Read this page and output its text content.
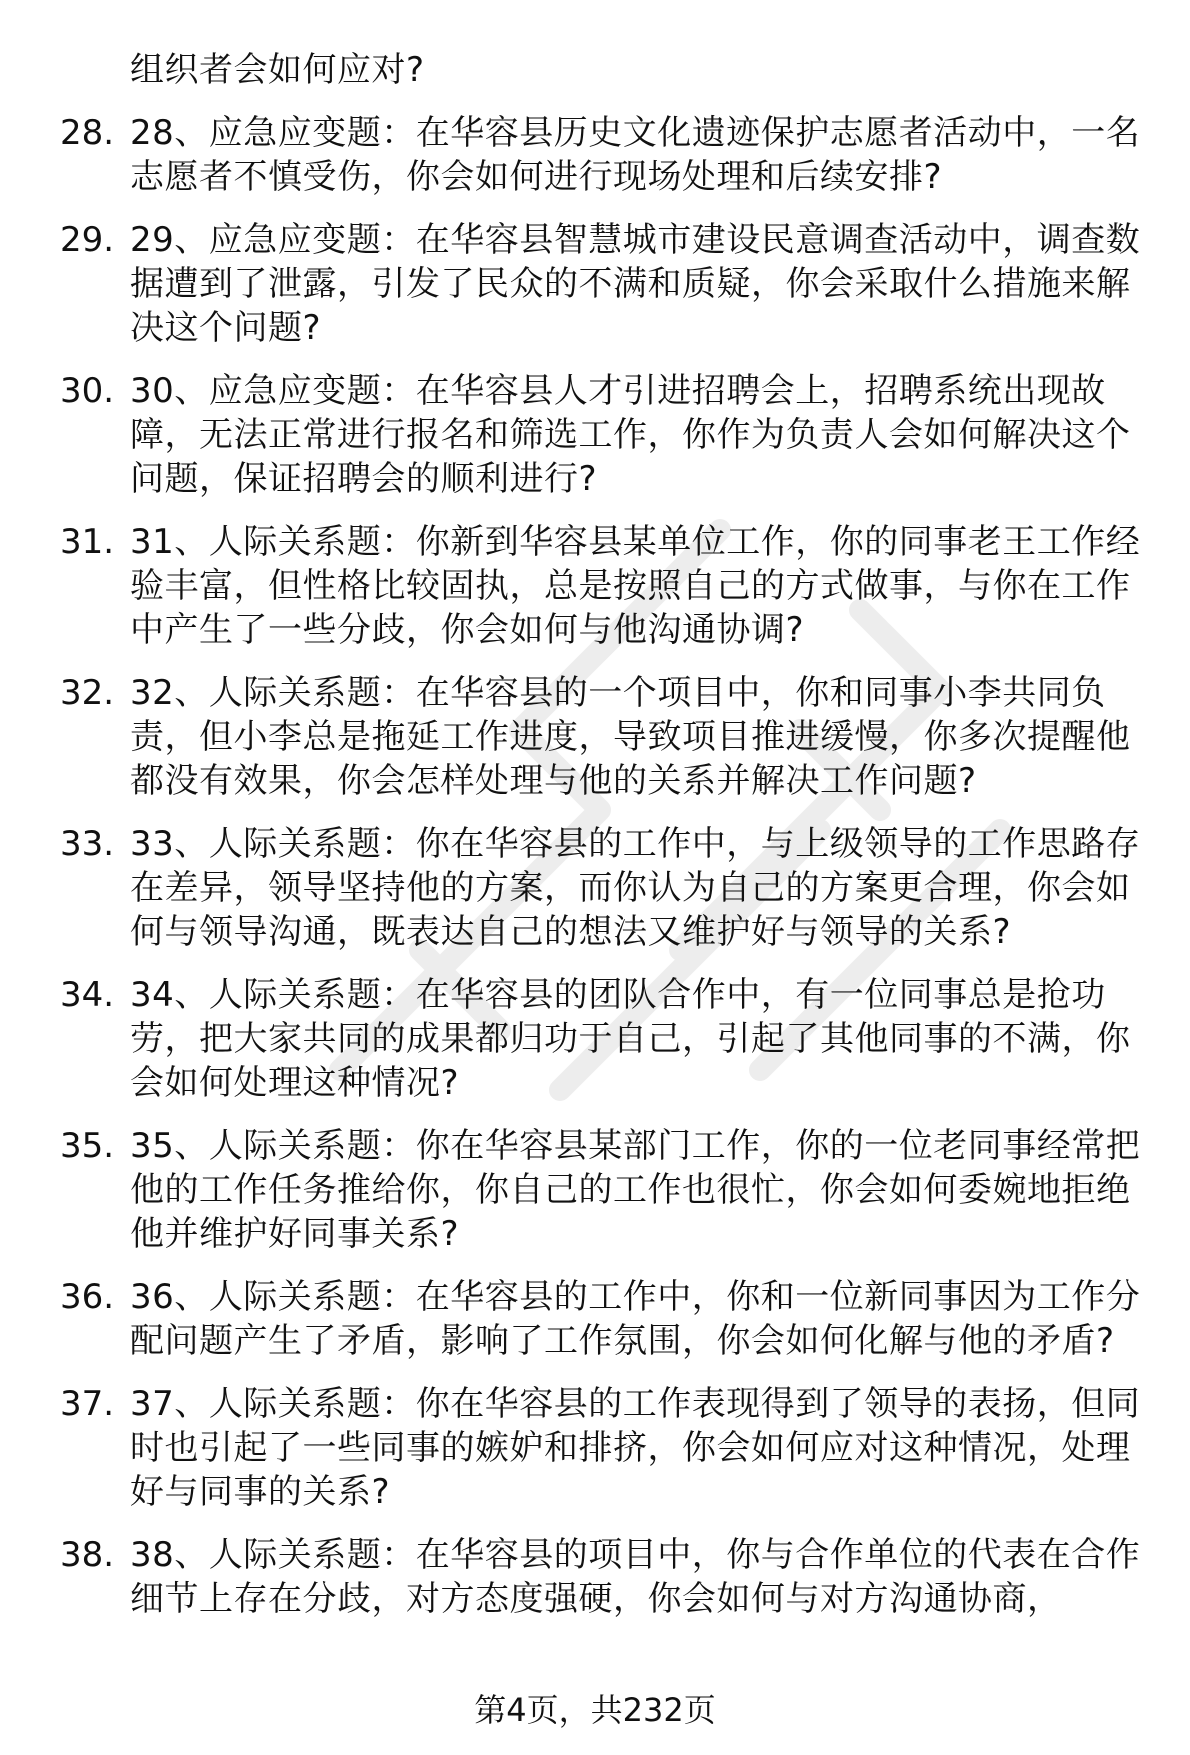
组织者会如何应对?

28. 28、应急应变题：在华容县历史文化遗迹保护志愿者活动中，一名志愿者不慎受伤，你会如何进行现场处理和后续安排?
29. 29、应急应变题：在华容县智慧城市建设民意调查活动中，调查数据遭到了泄露，引发了民众的不满和质疑，你会采取什么措施来解决这个问题?
30. 30、应急应变题：在华容县人才引进招聘会上，招聘系统出现故障，无法正常进行报名和筛选工作，你作为负责人会如何解决这个问题，保证招聘会的顺利进行?
31. 31、人际关系题：你新到华容县某单位工作，你的同事老王工作经验丰富，但性格比较固执，总是按照自己的方式做事，与你在工作中产生了一些分歧，你会如何与他沟通协调?
32. 32、人际关系题：在华容县的一个项目中，你和同事小李共同负责，但小李总是拖延工作进度，导致项目推进缓慢，你多次提醒他都没有效果，你会怎样处理与他的关系并解决工作问题?
33. 33、人际关系题：你在华容县的工作中，与上级领导的工作思路存在差异，领导坚持他的方案，而你认为自己的方案更合理，你会如何与领导沟通，既表达自己的想法又维护好与领导的关系?
34. 34、人际关系题：在华容县的团队合作中，有一位同事总是抢功劳，把大家共同的成果都归功于自己，引起了其他同事的不满，你会如何处理这种情况?
35. 35、人际关系题：你在华容县某部门工作，你的一位老同事经常把他的工作任务推给你，你自己的工作也很忙，你会如何委婉地拒绝他并维护好同事关系?
36. 36、人际关系题：在华容县的工作中，你和一位新同事因为工作分配问题产生了矛盾，影响了工作氛围，你会如何化解与他的矛盾?
37. 37、人际关系题：你在华容县的工作表现得到了领导的表扬，但同时也引起了一些同事的嫉妒和排挤，你会如何应对这种情况，处理好与同事的关系?
38. 38、人际关系题：在华容县的项目中，你与合作单位的代表在合作细节上存在分歧，对方态度强硬，你会如何与对方沟通协商，
第4页，共232页
